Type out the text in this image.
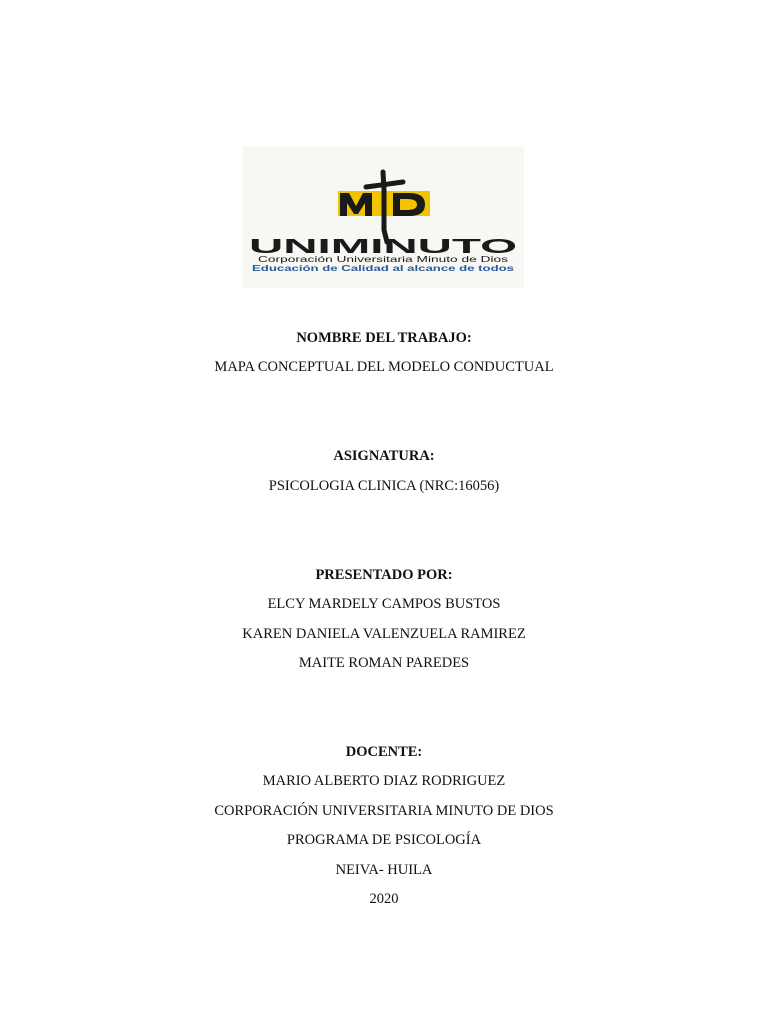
UNIMINUTO
Corporación Universitaria Minuto de Dios
Educación de Calidad al alcance de todos
NOMBRE DEL TRABAJO:
MAPA CONCEPTUAL DEL MODELO CONDUCTUAL
ASIGNATURA:
PSICOLOGIA CLINICA (NRC:16056)
PRESENTADO POR:
ELCY MARDELY CAMPOS BUSTOS
KAREN DANIELA VALENZUELA RAMIREZ
MAITE ROMAN PAREDES
DOCENTE:
MARIO ALBERTO DIAZ RODRIGUEZ
CORPORACIÓN UNIVERSITARIA MINUTO DE DIOS
PROGRAMA DE PSICOLOGÍA
NEIVA- HUILA
2020
